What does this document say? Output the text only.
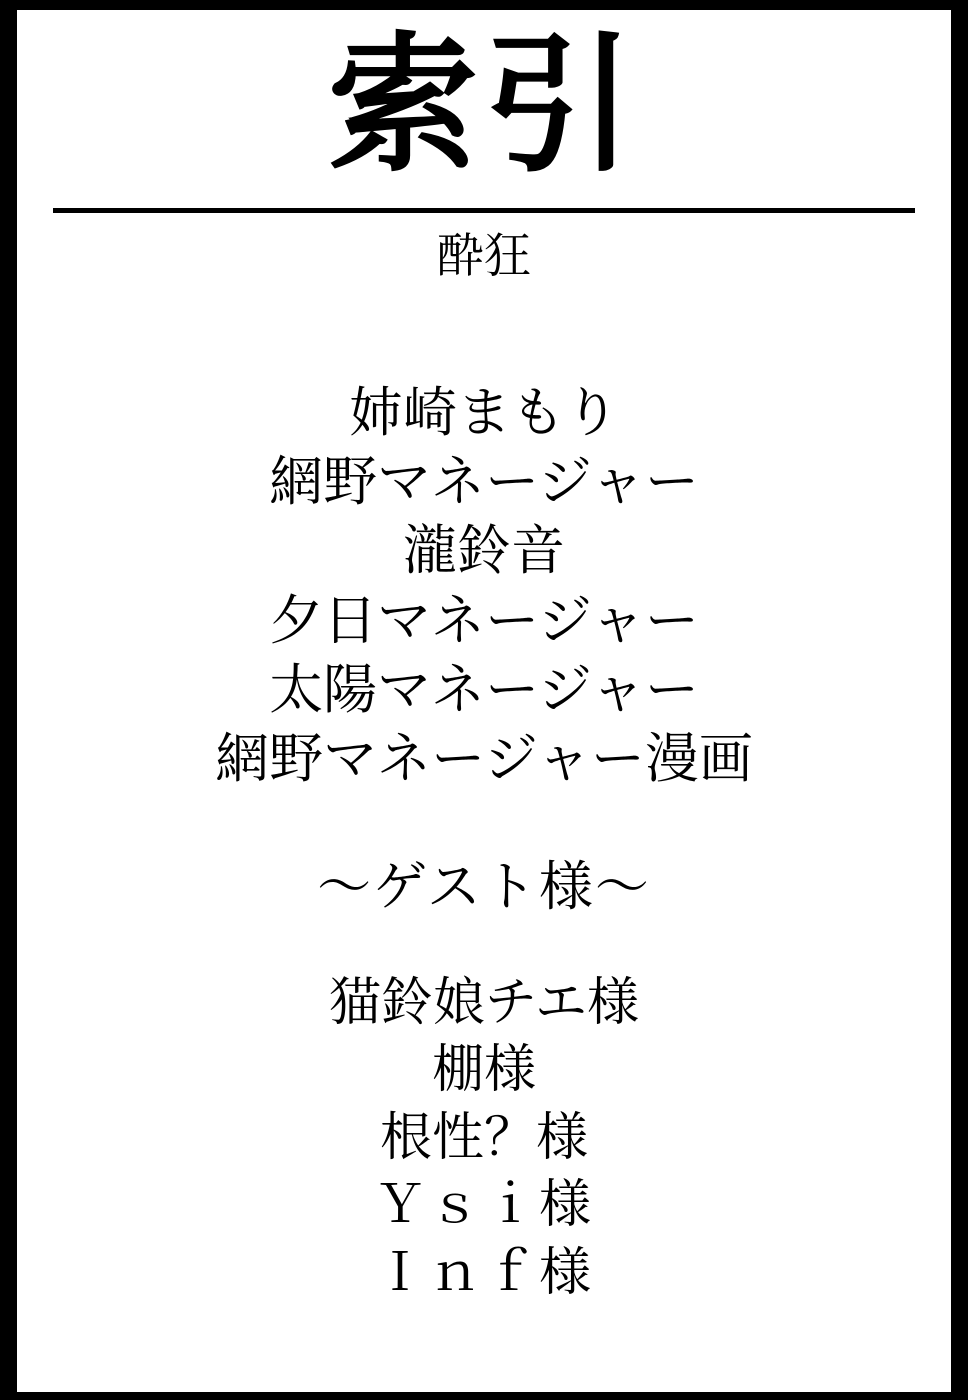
索引
酔狂
姉崎まもり
網野マネージャー
瀧鈴音
夕日マネージャー
太陽マネージャー
網野マネージャー漫画
〜ゲスト様〜
猫鈴娘チエ様
棚様
根性？様
Ｙｓｉ様
Ｉｎｆ様
